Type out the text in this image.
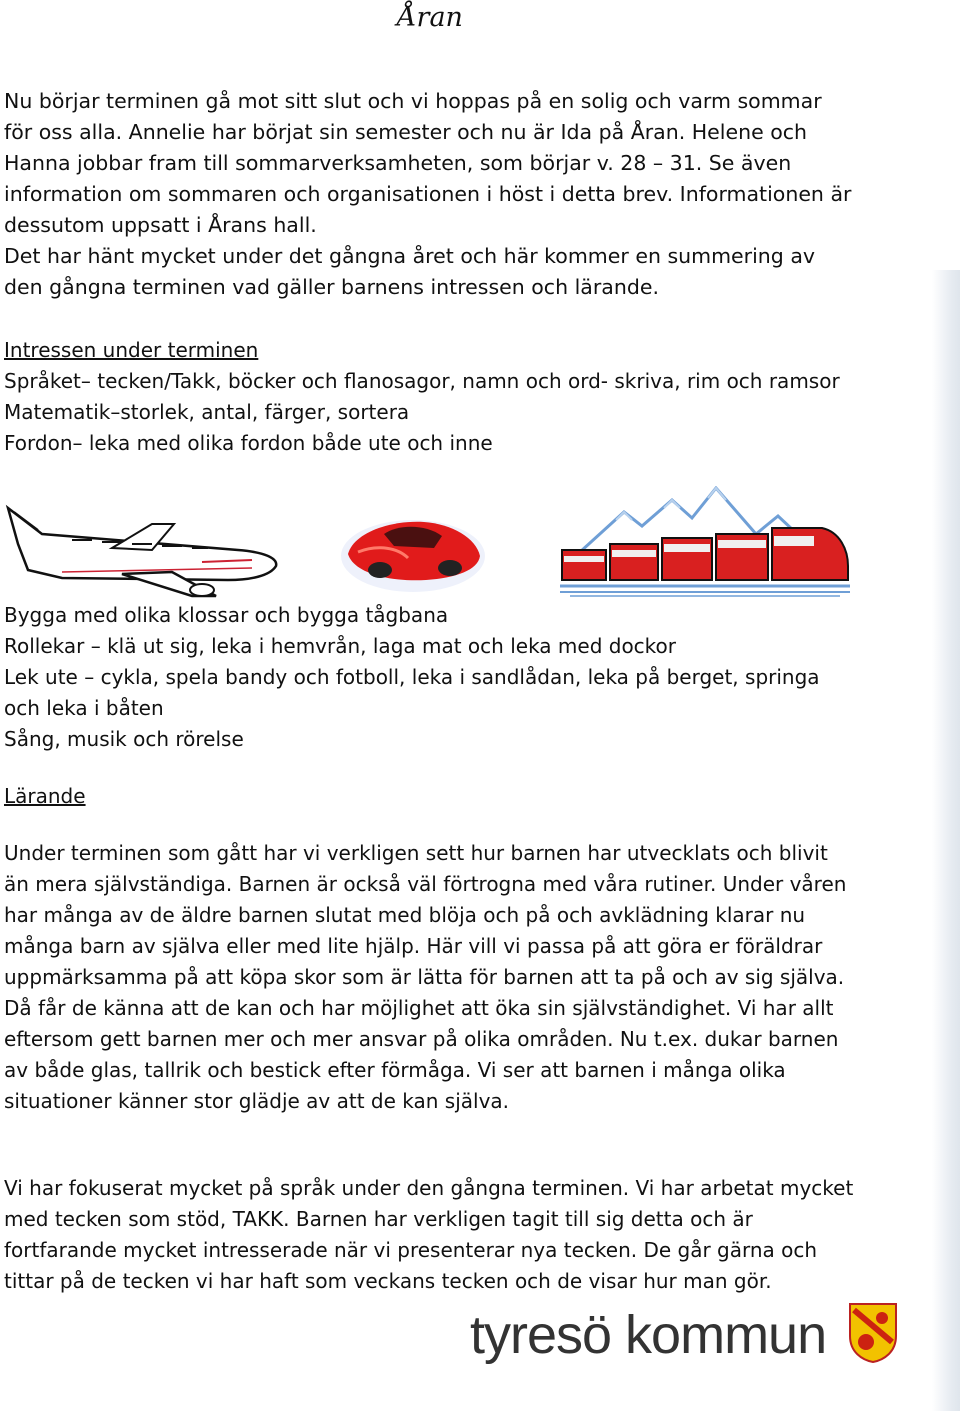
Åran

Nu börjar terminen gå mot sitt slut och vi hoppas på en solig och varm sommar för oss alla. Annelie har börjat sin semester och nu är Ida på Åran. Helene och Hanna jobbar fram till sommarverksamheten, som börjar v. 28 – 31. Se även information om sommaren och organisationen i höst i detta brev. Informationen är dessutom uppsatt i Årans hall.

Det har hänt mycket under det gångna året och här kommer en summering av den gångna terminen vad gäller barnens intressen och lärande.

Intressen under terminen

Språket– tecken/Takk, böcker och flanosagor, namn och ord- skriva, rim och ramsor

Matematik–storlek, antal, färger, sortera

Fordon– leka med olika fordon både ute och inne

Bygga med olika klossar och bygga tågbana

Rollekar – klä ut sig, leka i hemvrån, laga mat och leka med dockor

Lek ute – cykla, spela bandy och fotboll, leka i sandlådan, leka på berget, springa och leka i båten

Sång, musik och rörelse

Lärande

Under terminen som gått har vi verkligen sett hur barnen har utvecklats och blivit än mera självständiga. Barnen är också väl förtrogna med våra rutiner. Under våren har många av de äldre barnen slutat med blöja och på och avklädning klarar nu många barn av själva eller med lite hjälp. Här vill vi passa på att göra er föräldrar uppmärksamma på att köpa skor som är lätta för barnen att ta på och av sig själva. Då får de känna att de kan och har möjlighet att öka sin självständighet. Vi har allt eftersom gett barnen mer och mer ansvar på olika områden. Nu t.ex. dukar barnen av både glas, tallrik och bestick efter förmåga. Vi ser att barnen i många olika situationer känner stor glädje av att de kan själva.

Vi har fokuserat mycket på språk under den gångna terminen. Vi har arbetat mycket med tecken som stöd, TAKK. Barnen har verkligen tagit till sig detta och är fortfarande mycket intresserade när vi presenterar nya tecken. De går gärna och tittar på de tecken vi har haft som veckans tecken och de visar hur man gör.

tyresö kommun
